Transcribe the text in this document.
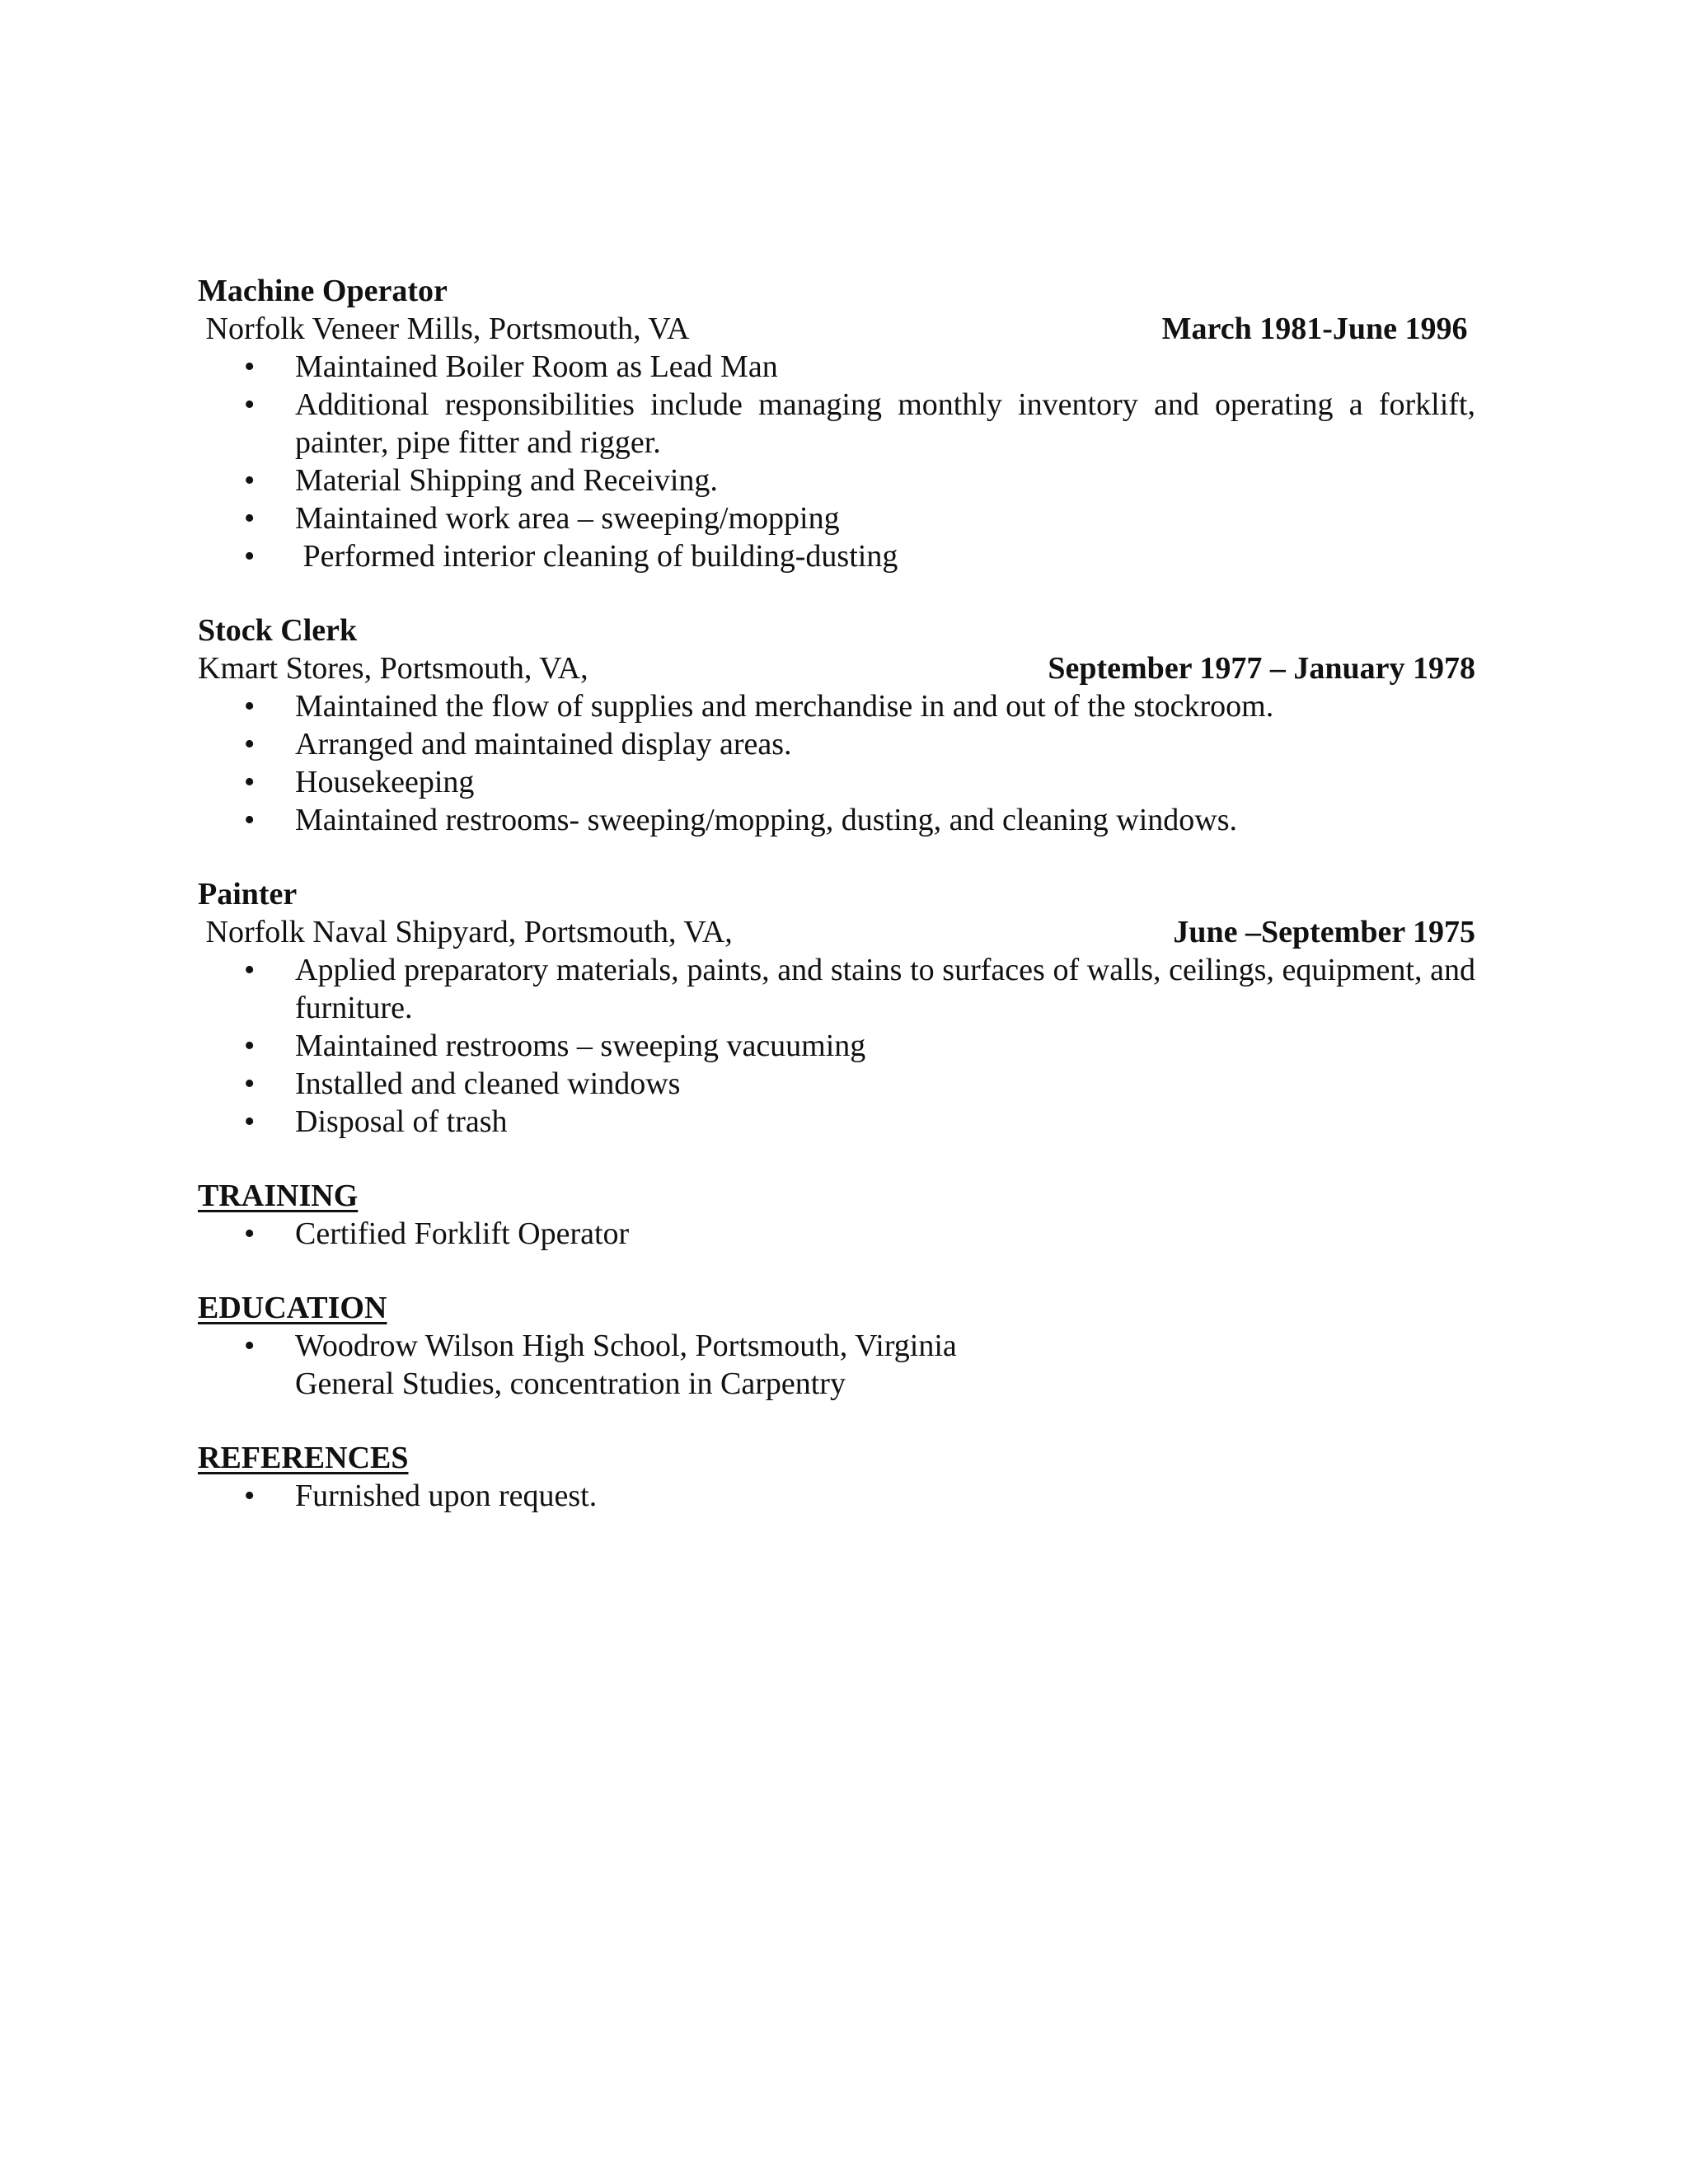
Machine Operator
Norfolk Veneer Mills, Portsmouth, VA	March 1981-June 1996
• Maintained Boiler Room as Lead Man
• Additional responsibilities include managing monthly inventory and operating a forklift, painter, pipe fitter and rigger.
• Material Shipping and Receiving.
• Maintained work area – sweeping/mopping
•  Performed interior cleaning of building-dusting
Stock Clerk
Kmart Stores, Portsmouth, VA,	September 1977 – January 1978
• Maintained the flow of supplies and merchandise in and out of the stockroom.
• Arranged and maintained display areas.
• Housekeeping
• Maintained restrooms- sweeping/mopping, dusting, and cleaning windows.
Painter
Norfolk Naval Shipyard, Portsmouth, VA,	June –September 1975
• Applied preparatory materials, paints, and stains to surfaces of walls, ceilings, equipment, and furniture.
• Maintained restrooms – sweeping vacuuming
• Installed and cleaned windows
• Disposal of trash
TRAINING
• Certified Forklift Operator
EDUCATION
• Woodrow Wilson High School, Portsmouth, Virginia
General Studies, concentration in Carpentry
REFERENCES
• Furnished upon request.
